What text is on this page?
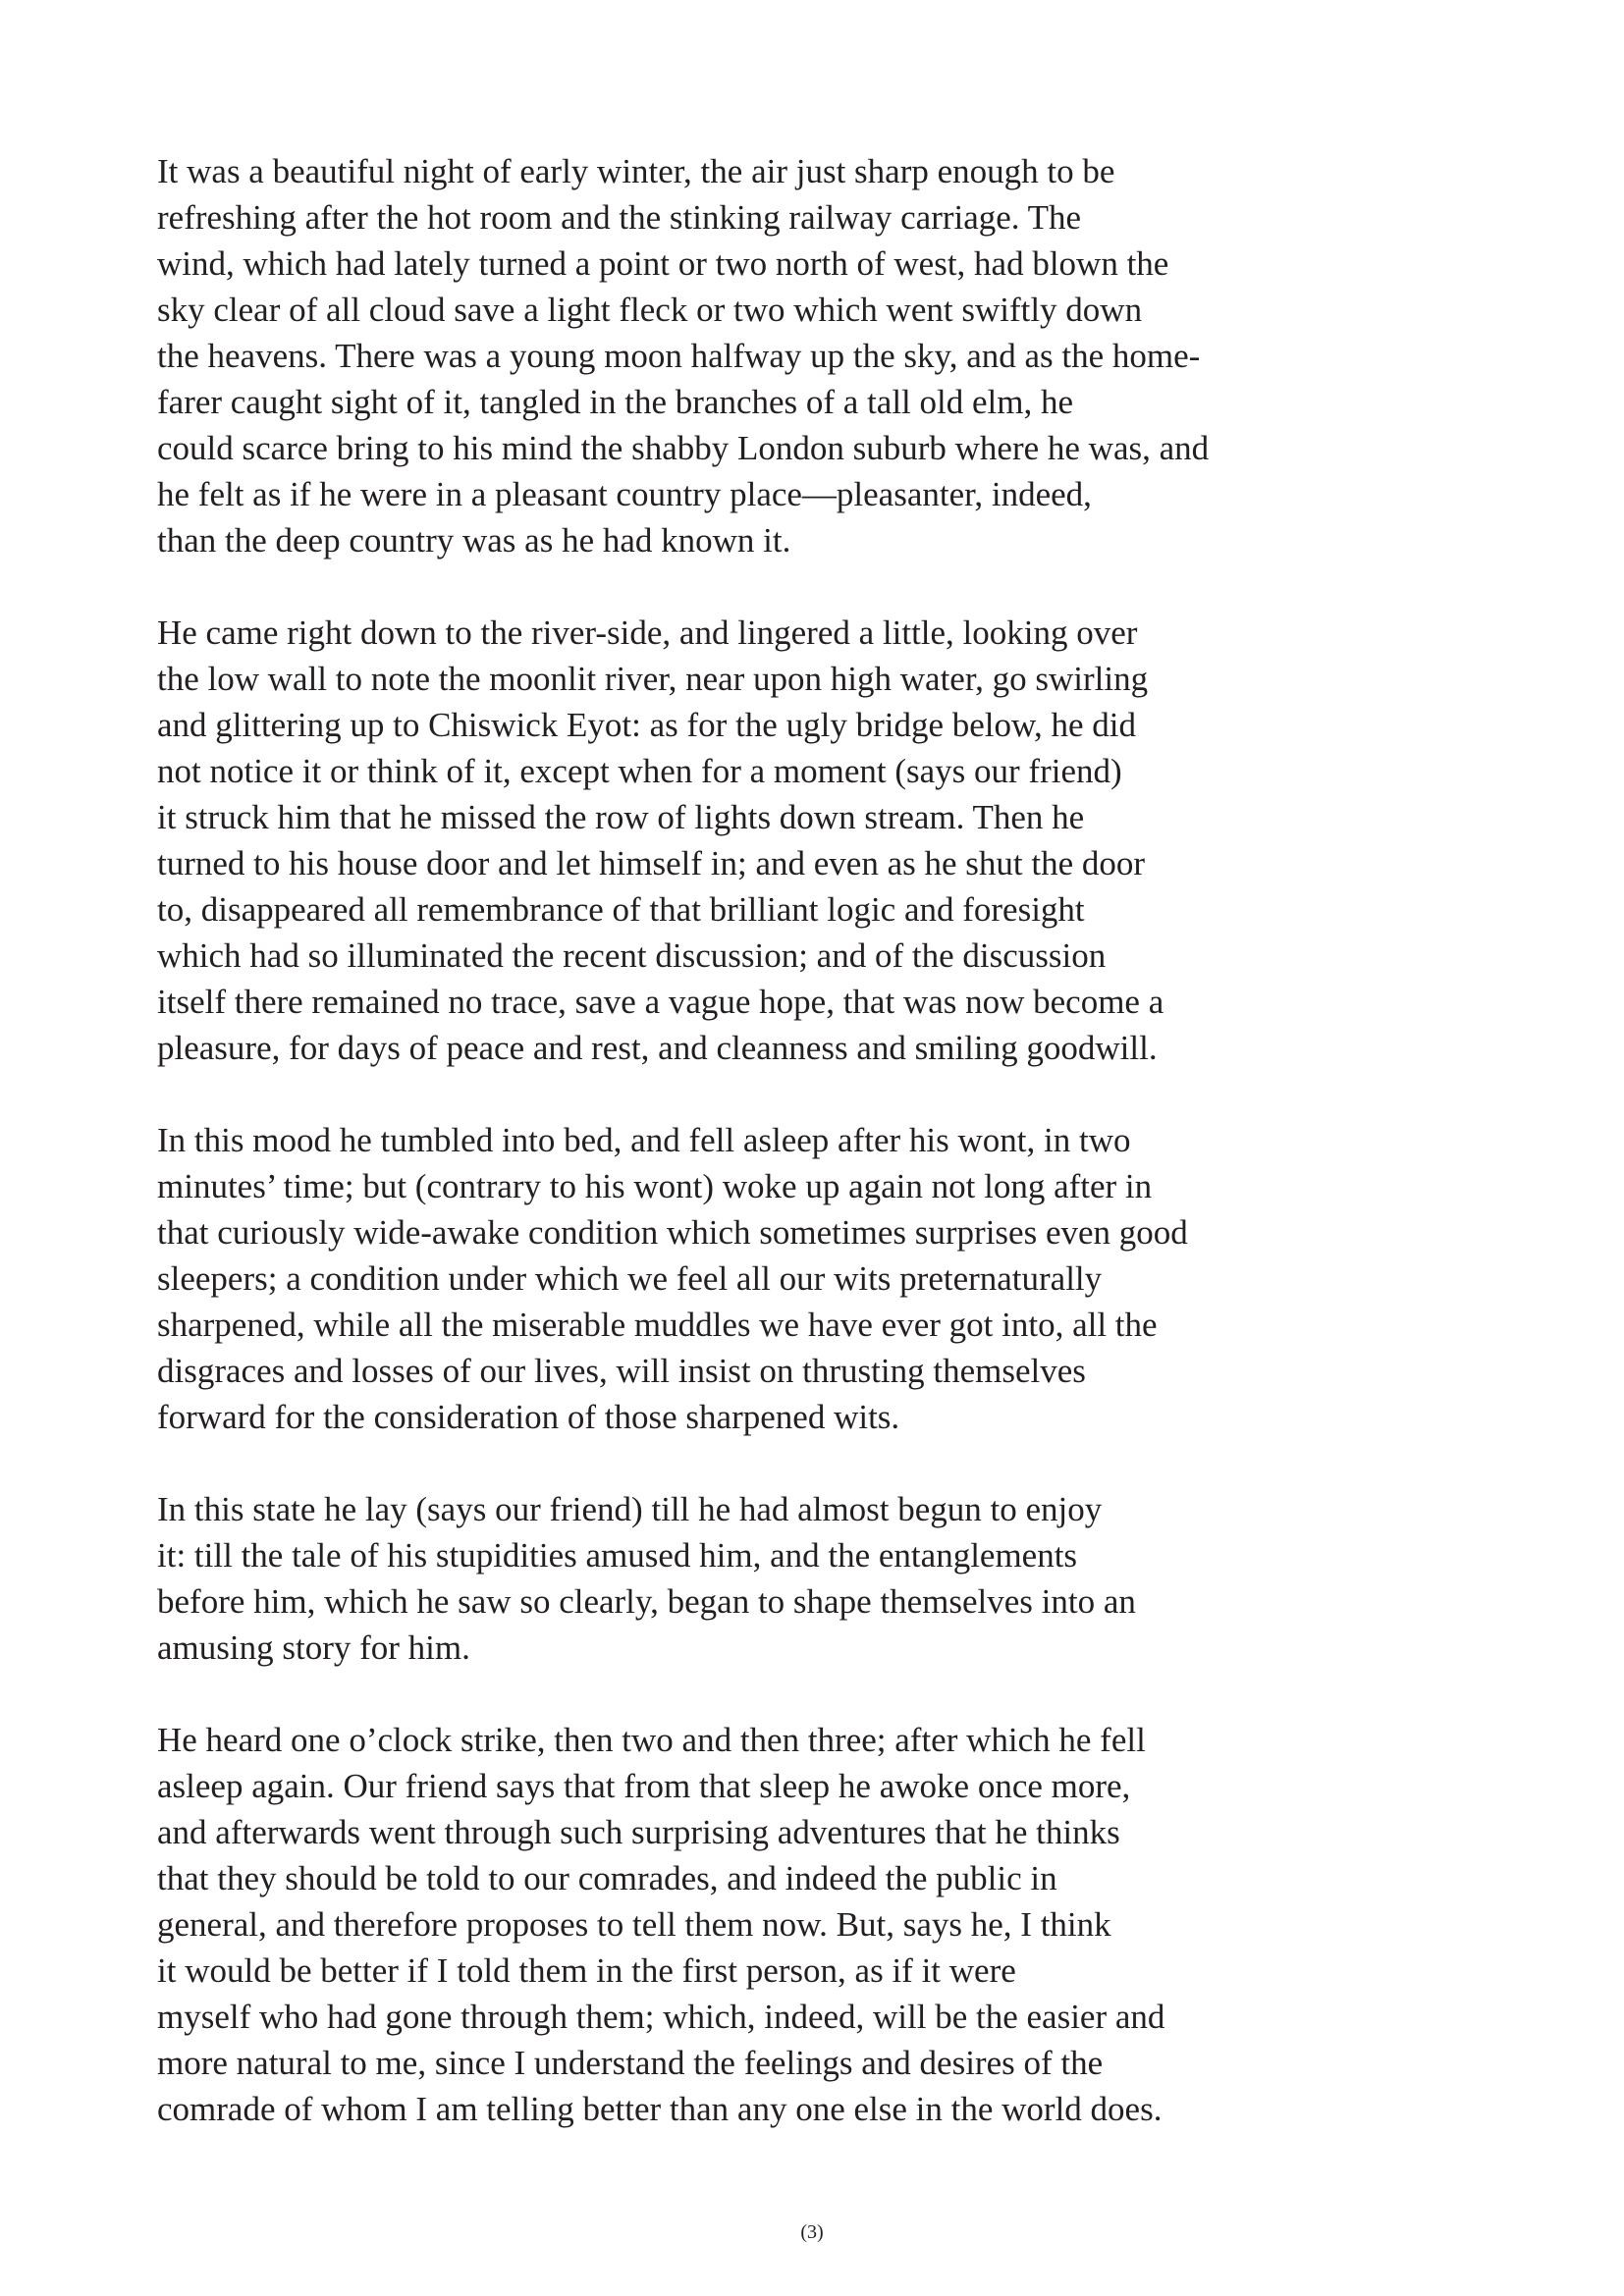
It was a beautiful night of early winter, the air just sharp enough to be
refreshing after the hot room and the stinking railway carriage. The
wind, which had lately turned a point or two north of west, had blown the
sky clear of all cloud save a light fleck or two which went swiftly down
the heavens. There was a young moon halfway up the sky, and as the home-
farer caught sight of it, tangled in the branches of a tall old elm, he
could scarce bring to his mind the shabby London suburb where he was, and
he felt as if he were in a pleasant country place—pleasanter, indeed,
than the deep country was as he had known it.

He came right down to the river-side, and lingered a little, looking over
the low wall to note the moonlit river, near upon high water, go swirling
and glittering up to Chiswick Eyot: as for the ugly bridge below, he did
not notice it or think of it, except when for a moment (says our friend)
it struck him that he missed the row of lights down stream. Then he
turned to his house door and let himself in; and even as he shut the door
to, disappeared all remembrance of that brilliant logic and foresight
which had so illuminated the recent discussion; and of the discussion
itself there remained no trace, save a vague hope, that was now become a
pleasure, for days of peace and rest, and cleanness and smiling goodwill.

In this mood he tumbled into bed, and fell asleep after his wont, in two
minutes’ time; but (contrary to his wont) woke up again not long after in
that curiously wide-awake condition which sometimes surprises even good
sleepers; a condition under which we feel all our wits preternaturally
sharpened, while all the miserable muddles we have ever got into, all the
disgraces and losses of our lives, will insist on thrusting themselves
forward for the consideration of those sharpened wits.

In this state he lay (says our friend) till he had almost begun to enjoy
it: till the tale of his stupidities amused him, and the entanglements
before him, which he saw so clearly, began to shape themselves into an
amusing story for him.

He heard one o’clock strike, then two and then three; after which he fell
asleep again. Our friend says that from that sleep he awoke once more,
and afterwards went through such surprising adventures that he thinks
that they should be told to our comrades, and indeed the public in
general, and therefore proposes to tell them now. But, says he, I think
it would be better if I told them in the first person, as if it were
myself who had gone through them; which, indeed, will be the easier and
more natural to me, since I understand the feelings and desires of the
comrade of whom I am telling better than any one else in the world does.

(3)
